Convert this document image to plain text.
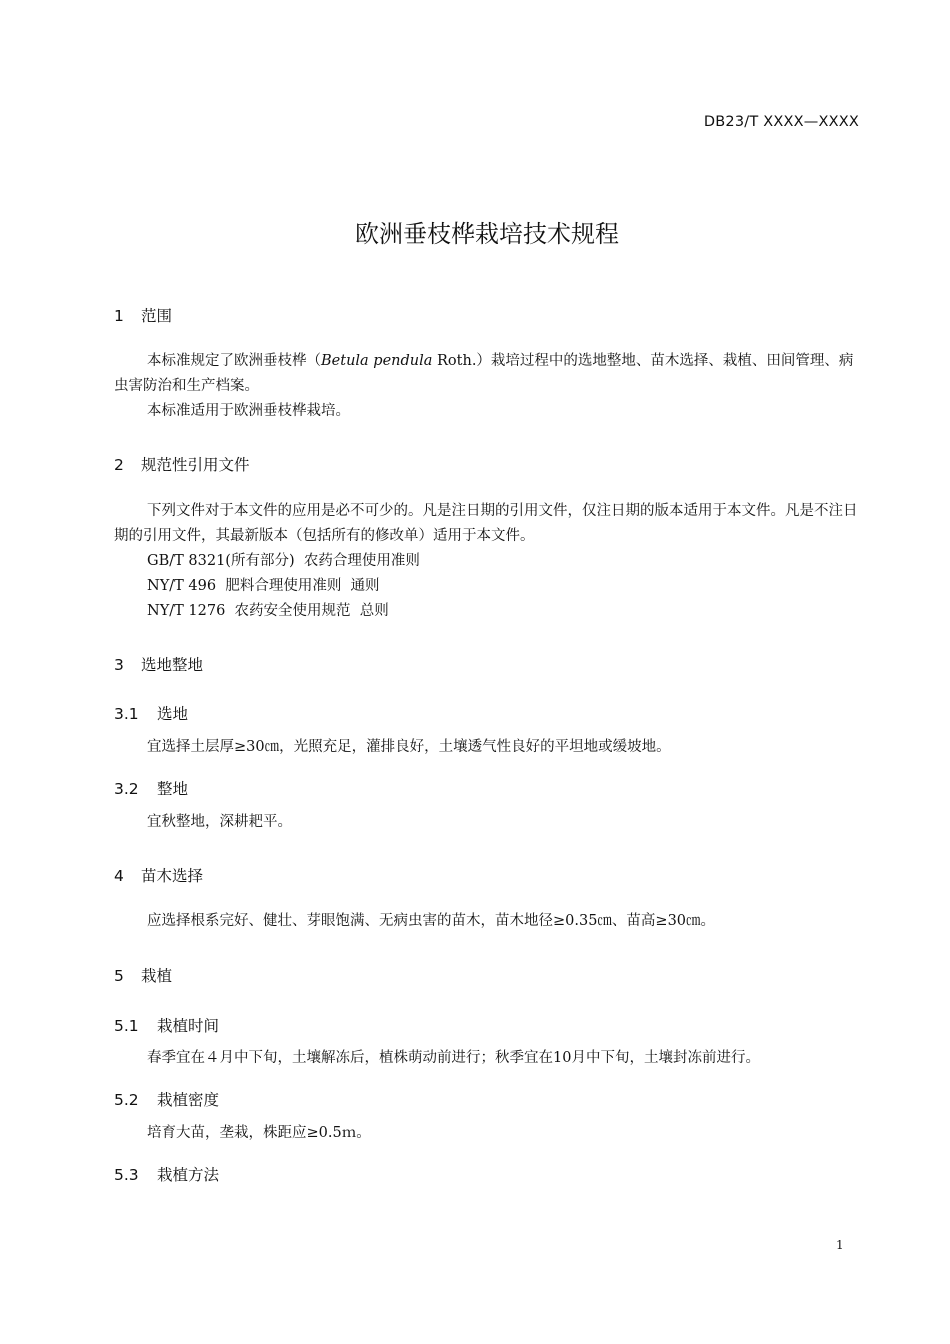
DB23/T XXXX—XXXX
欧洲垂枝桦栽培技术规程
1 范围
本标准规定了欧洲垂枝桦（Betula pendula Roth.）栽培过程中的选地整地、苗木选择、栽植、田间管理、病虫害防治和生产档案。
本标准适用于欧洲垂枝桦栽培。
2 规范性引用文件
下列文件对于本文件的应用是必不可少的。凡是注日期的引用文件，仅注日期的版本适用于本文件。凡是不注日期的引用文件，其最新版本（包括所有的修改单）适用于本文件。
GB/T 8321(所有部分)  农药合理使用准则
NY/T 496  肥料合理使用准则  通则
NY/T 1276  农药安全使用规范  总则
3 选地整地
3.1 选地
宜选择土层厚≥30㎝，光照充足，灌排良好，土壤透气性良好的平坦地或缓坡地。
3.2 整地
宜秋整地，深耕耙平。
4 苗木选择
应选择根系完好、健壮、芽眼饱满、无病虫害的苗木，苗木地径≥0.35㎝、苗高≥30㎝。
5 栽植
5.1 栽植时间
春季宜在４月中下旬，土壤解冻后，植株萌动前进行；秋季宜在10月中下旬，土壤封冻前进行。
5.2 栽植密度
培育大苗，垄栽，株距应≥0.5ｍ。
5.3 栽植方法
1
